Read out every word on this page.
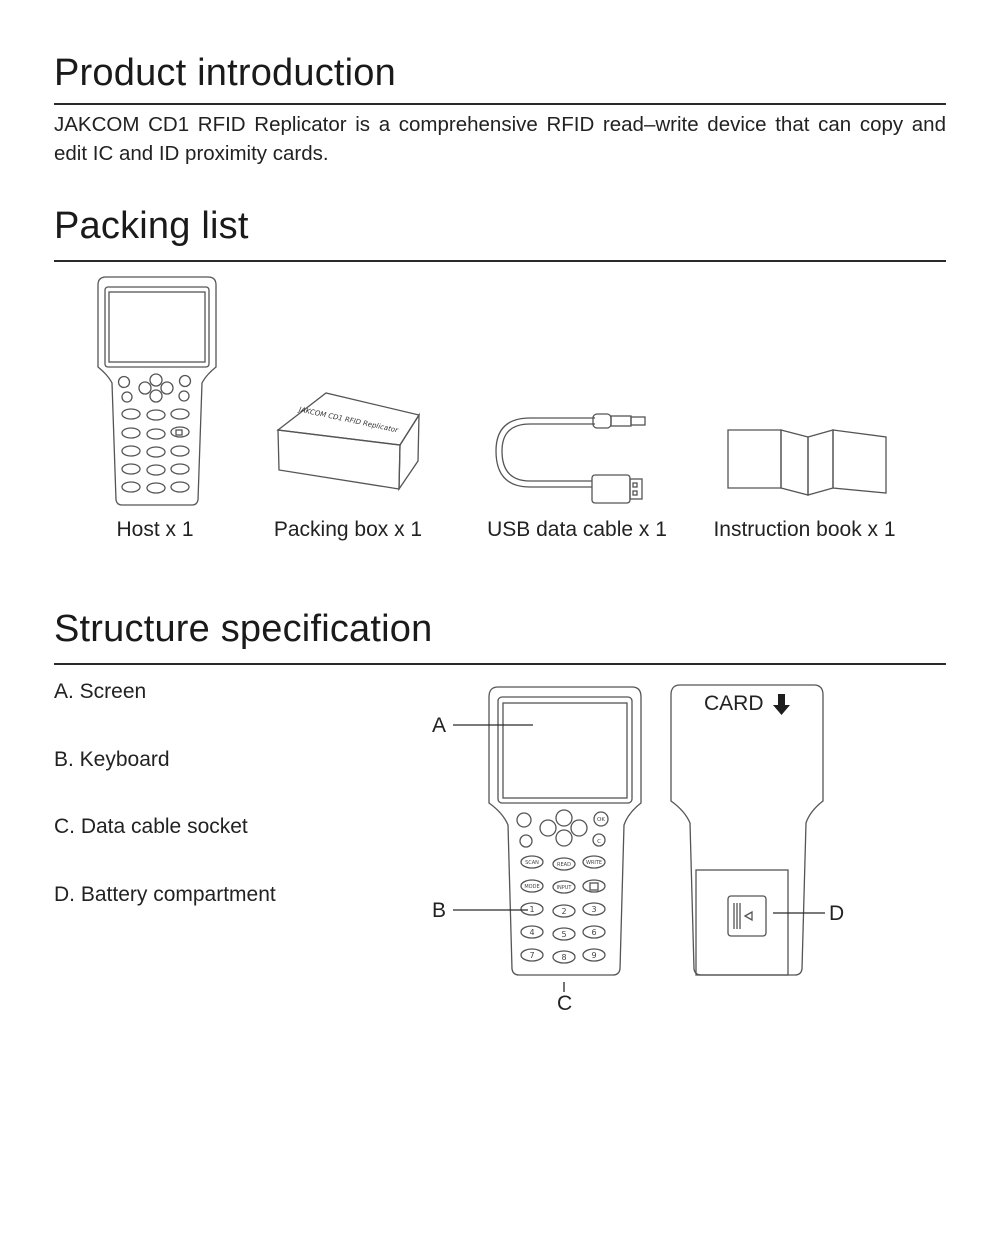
Product introduction

JAKCOM CD1 RFID Replicator is a comprehensive RFID read–write device that can copy and edit IC and ID proximity cards.

Packing list
JAKCOM CD1 RFID Replicator
Host x 1	Packing box x 1	USB data cable x 1	Instruction book x 1
Structure specification
A. Screen
B. Keyboard
C. Data cable socket
D. Battery compartment
OK
C
SCAN	READ	WRITE
MODE	INPUT
1	2	3
4	5	6
7	8	9
CARD
A
B
C
D
